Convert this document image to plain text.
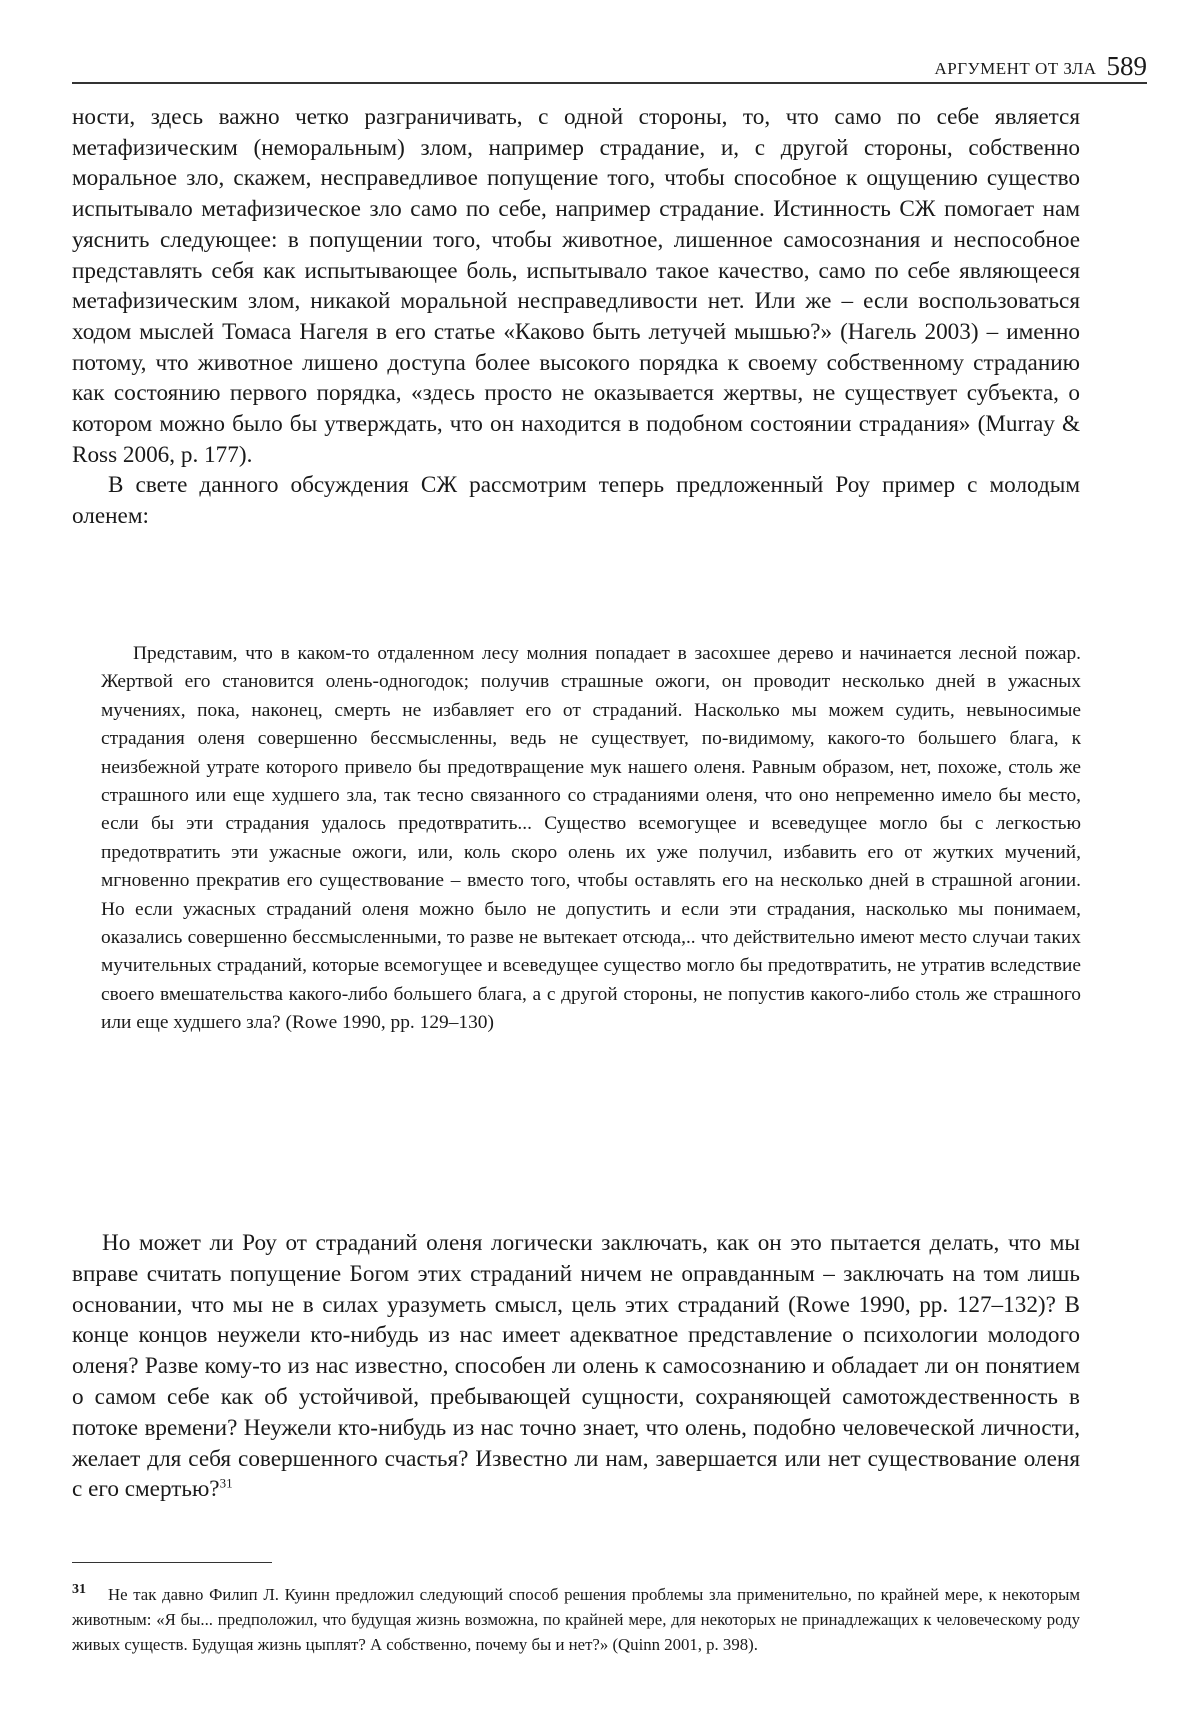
АРГУМЕНТ ОТ ЗЛА 589

ности, здесь важно четко разграничивать, с одной стороны, то, что само по себе является метафизическим (неморальным) злом, например страдание, и, с другой стороны, собственно моральное зло, скажем, несправедливое попущение того, чтобы способное к ощущению существо испытывало метафизическое зло само по себе, например страдание. Истинность СЖ помогает нам уяснить следующее: в попущении того, чтобы животное, лишенное самосознания и неспособное представлять себя как испытывающее боль, испытывало такое качество, само по себе являющееся метафизическим злом, никакой моральной несправедливости нет. Или же – если воспользоваться ходом мыслей Томаса Нагеля в его статье «Каково быть летучей мышью?» (Нагель 2003) – именно потому, что животное лишено доступа более высокого порядка к своему собственному страданию как состоянию первого порядка, «здесь просто не оказывается жертвы, не существует субъекта, о котором можно было бы утверждать, что он находится в подобном состоянии страдания» (Murray & Ross 2006, p. 177).

В свете данного обсуждения СЖ рассмотрим теперь предложенный Роу пример с молодым оленем:

Представим, что в каком-то отдаленном лесу молния попадает в засохшее дерево и начинается лесной пожар. Жертвой его становится олень-одногодок; получив страшные ожоги, он проводит несколько дней в ужасных мучениях, пока, наконец, смерть не избавляет его от страданий. Насколько мы можем судить, невыносимые страдания оленя совершенно бессмысленны, ведь не существует, по-видимому, какого-то большего блага, к неизбежной утрате которого привело бы предотвращение мук нашего оленя. Равным образом, нет, похоже, столь же страшного или еще худшего зла, так тесно связанного со страданиями оленя, что оно непременно имело бы место, если бы эти страдания удалось предотвратить... Существо всемогущее и всеведущее могло бы с легкостью предотвратить эти ужасные ожоги, или, коль скоро олень их уже получил, избавить его от жутких мучений, мгновенно прекратив его существование – вместо того, чтобы оставлять его на несколько дней в страшной агонии. Но если ужасных страданий оленя можно было не допустить и если эти страдания, насколько мы понимаем, оказались совершенно бессмысленными, то разве не вытекает отсюда,.. что действительно имеют место случаи таких мучительных страданий, которые всемогущее и всеведущее существо могло бы предотвратить, не утратив вследствие своего вмешательства какого-либо большего блага, а с другой стороны, не попустив какого-либо столь же страшного или еще худшего зла? (Rowe 1990, pp. 129–130)

Но может ли Роу от страданий оленя логически заключать, как он это пытается делать, что мы вправе считать попущение Богом этих страданий ничем не оправданным – заключать на том лишь основании, что мы не в силах уразуметь смысл, цель этих страданий (Rowe 1990, pp. 127–132)? В конце концов неужели кто-нибудь из нас имеет адекватное представление о психологии молодого оленя? Разве кому-то из нас известно, способен ли олень к самосознанию и обладает ли он понятием о самом себе как об устойчивой, пребывающей сущности, сохраняющей самотождественность в потоке времени? Неужели кто-нибудь из нас точно знает, что олень, подобно человеческой личности, желает для себя совершенного счастья? Известно ли нам, завершается или нет существование оленя с его смертью?$^{31}$

$^{31}$ Не так давно Филип Л. Куинн предложил следующий способ решения проблемы зла применительно, по крайней мере, к некоторым животным: «Я бы... предположил, что будущая жизнь возможна, по крайней мере, для некоторых не принадлежащих к человеческому роду живых существ. Будущая жизнь цыплят? А собственно, почему бы и нет?» (Quinn 2001, p. 398).
